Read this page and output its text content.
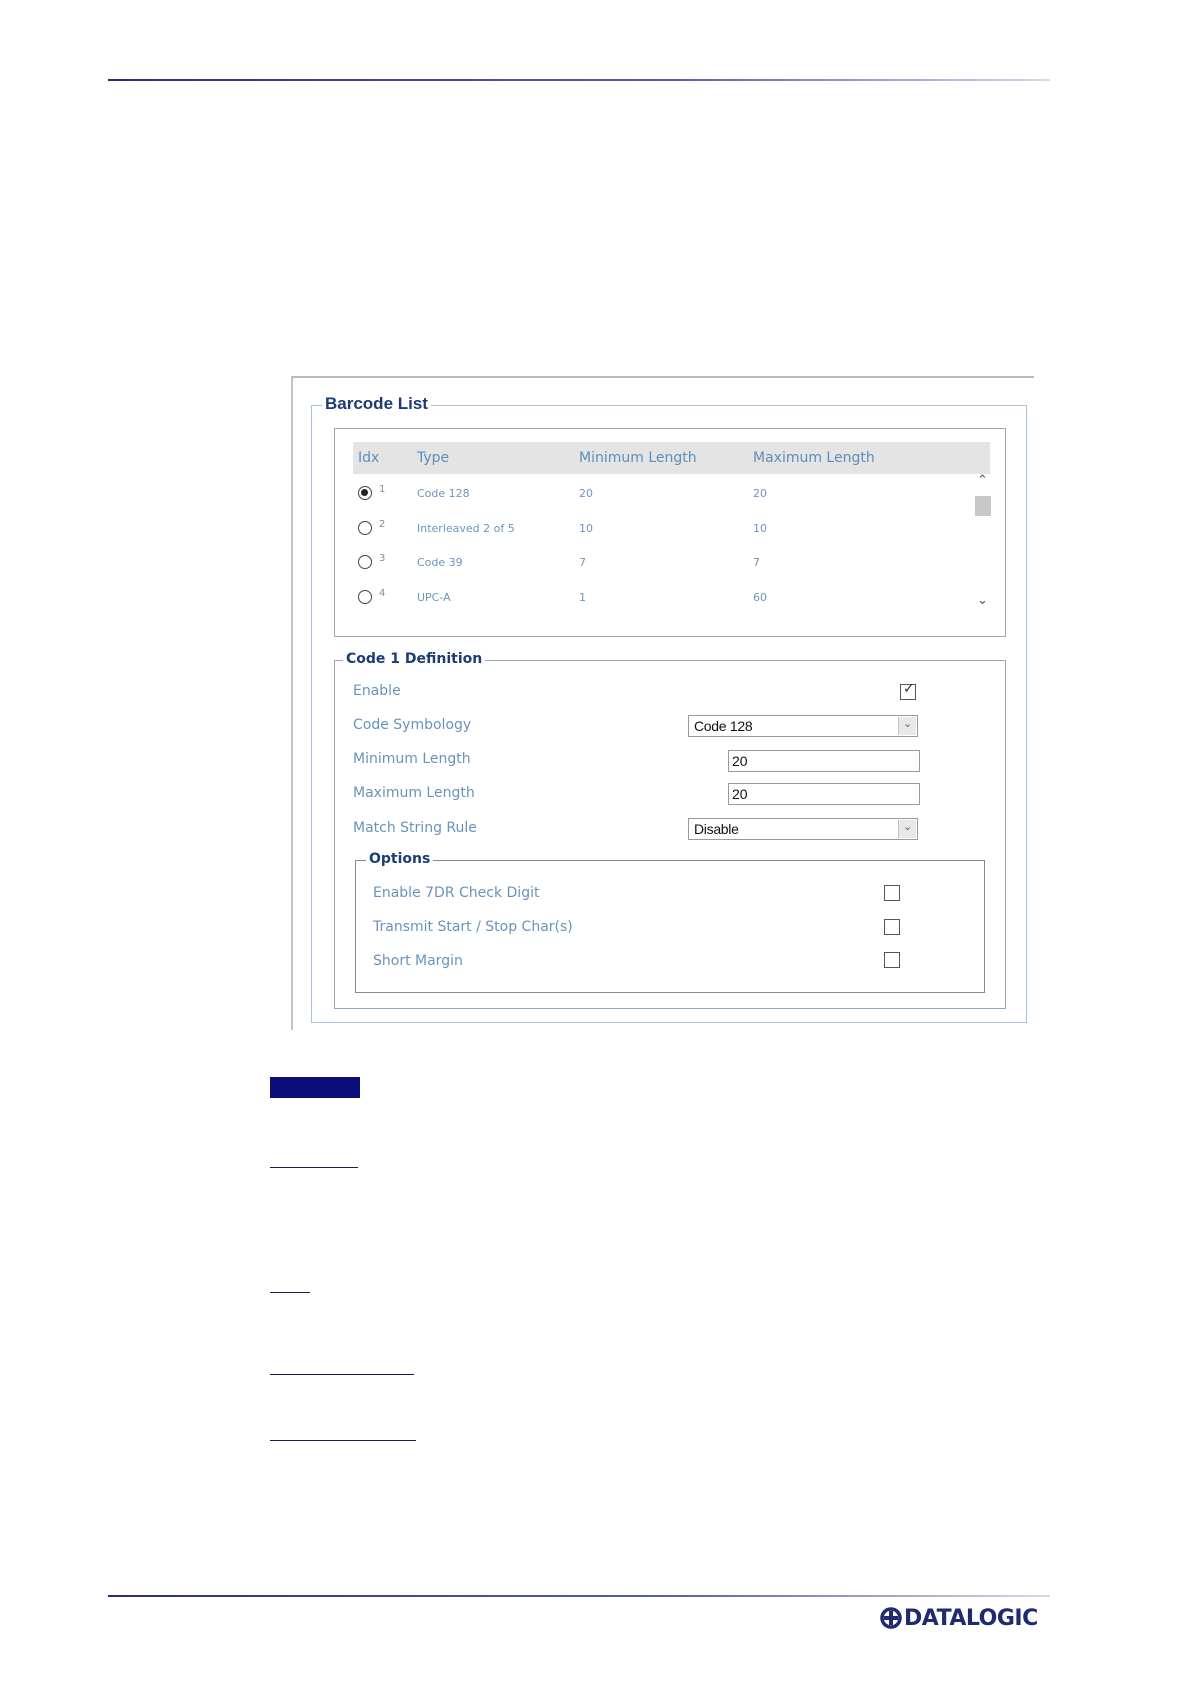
Barcode List
Idx	Type	Minimum Length	Maximum Length
1	Code 128	20	20
2	Interleaved 2 of 5	10	10
3	Code 39	7	7
4	UPC-A	1	60
⌃
⌄
Code 1 Definition
Enable	✓
Code Symbology	Code 128	⌄
Minimum Length	20
Maximum Length	20
Match String Rule	Disable	⌄
Options
Enable 7DR Check Digit
Transmit Start / Stop Char(s)
Short Margin
DATALOGIC
